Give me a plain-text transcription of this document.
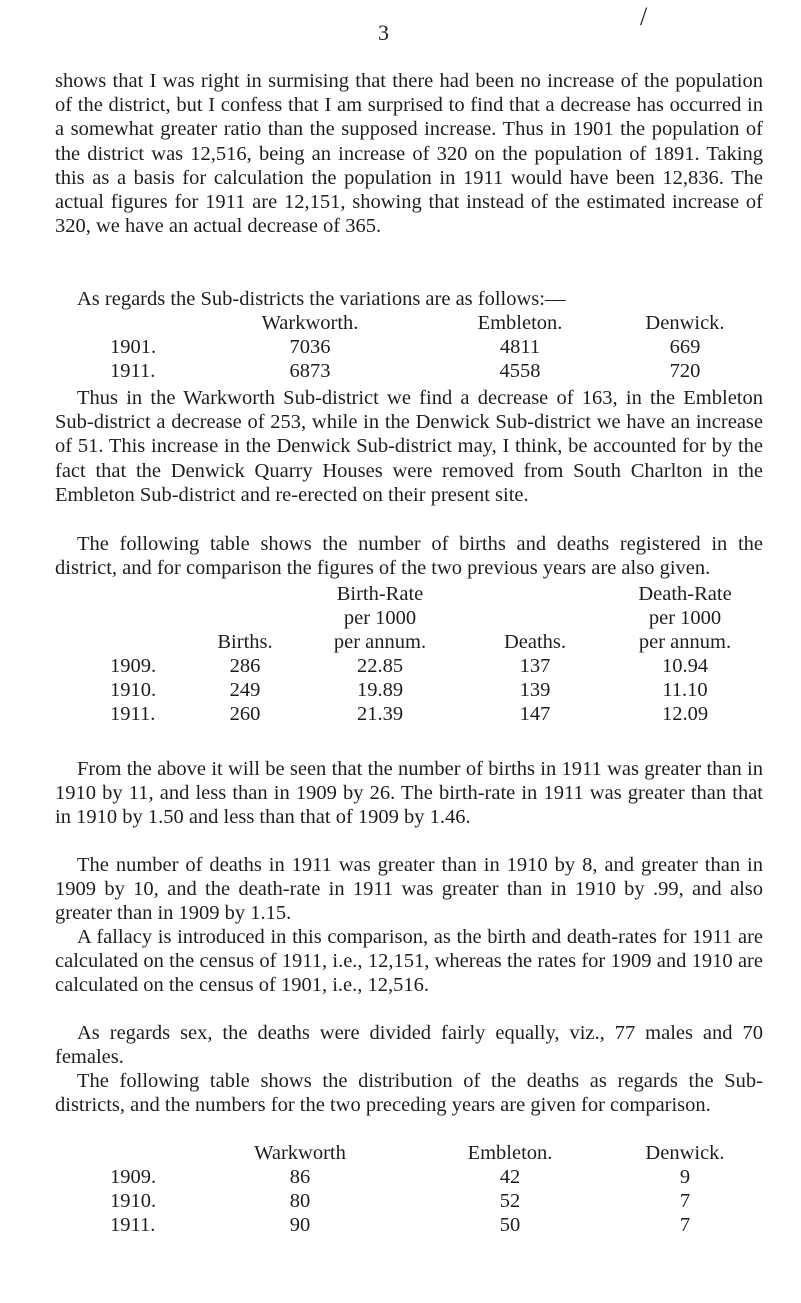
/
3

shows that I was right in surmising that there had been no increase of the population of the district, but I confess that I am surprised to find that a decrease has occurred in a somewhat greater ratio than the supposed increase. Thus in 1901 the population of the district was 12,516, being an increase of 320 on the population of 1891. Taking this as a basis for calculation the population in 1911 would have been 12,836. The actual figures for 1911 are 12,151, showing that instead of the estimated increase of 320, we have an actual decrease of 365.

As regards the Sub-districts the variations are as follows:—

	Warkworth.	Embleton.	Denwick.
1901.	7036	4811	669
1911.	6873	4558	720

Thus in the Warkworth Sub-district we find a decrease of 163, in the Embleton Sub-district a decrease of 253, while in the Denwick Sub-district we have an increase of 51. This increase in the Denwick Sub-district may, I think, be accounted for by the fact that the Denwick Quarry Houses were removed from South Charlton in the Embleton Sub-district and re-erected on their present site.

The following table shows the number of births and deaths registered in the district, and for comparison the figures of the two previous years are also given.

		Birth-Rate		Death-Rate
		per 1000		per 1000
	Births.	per annum.	Deaths.	per annum.
1909.	286	22.85	137	10.94
1910.	249	19.89	139	11.10
1911.	260	21.39	147	12.09

From the above it will be seen that the number of births in 1911 was greater than in 1910 by 11, and less than in 1909 by 26. The birth-rate in 1911 was greater than that in 1910 by 1.50 and less than that of 1909 by 1.46.

The number of deaths in 1911 was greater than in 1910 by 8, and greater than in 1909 by 10, and the death-rate in 1911 was greater than in 1910 by .99, and also greater than in 1909 by 1.15.

A fallacy is introduced in this comparison, as the birth and death-rates for 1911 are calculated on the census of 1911, i.e., 12,151, whereas the rates for 1909 and 1910 are calculated on the census of 1901, i.e., 12,516.

As regards sex, the deaths were divided fairly equally, viz., 77 males and 70 females.

The following table shows the distribution of the deaths as regards the Sub-districts, and the numbers for the two preceding years are given for comparison.

	Warkworth	Embleton.	Denwick.
1909.	86	42	9
1910.	80	52	7
1911.	90	50	7
